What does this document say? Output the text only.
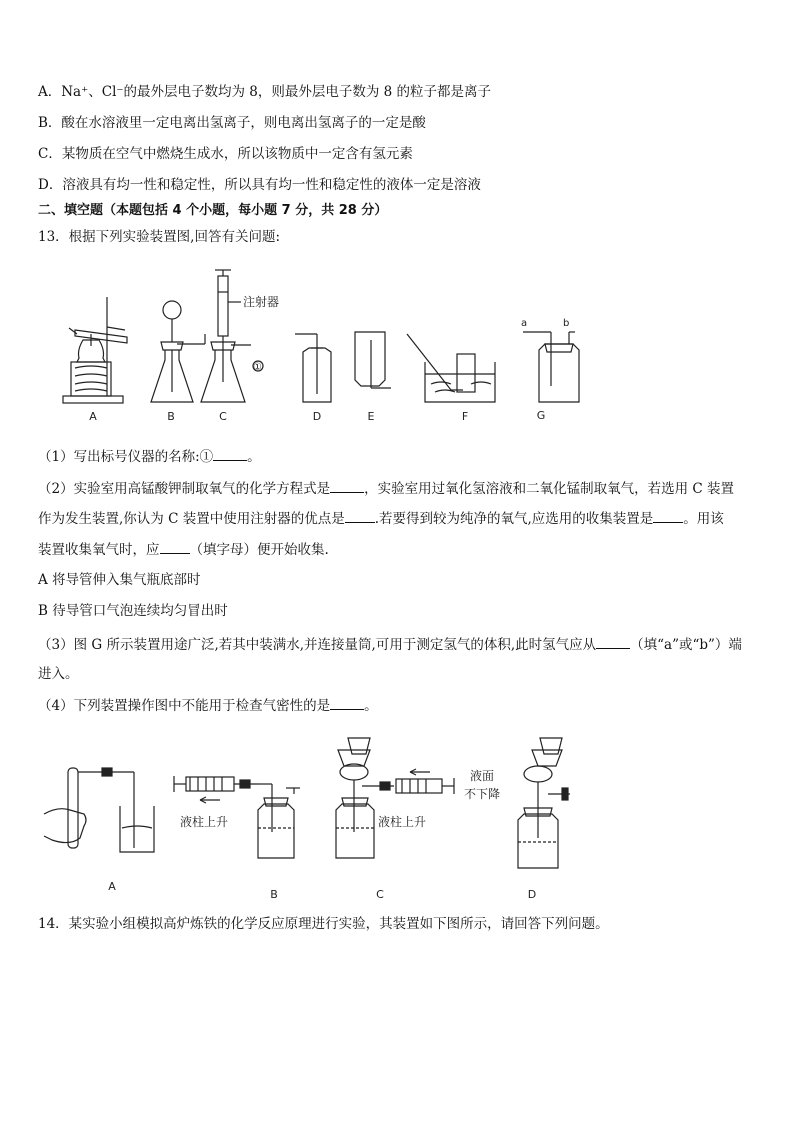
A．Na⁺、Cl⁻的最外层电子数均为 8，则最外层电子数为 8 的粒子都是离子
B．酸在水溶液里一定电离出氢离子，则电离出氢离子的一定是酸
C．某物质在空气中燃烧生成水，所以该物质中一定含有氢元素
D．溶液具有均一性和稳定性，所以具有均一性和稳定性的液体一定是溶液
二、填空题（本题包括 4 个小题，每小题 7 分，共 28 分）
13．根据下列实验装置图,回答有关问题:
注射器
①
a	b
A	B	C	D	E	F	G
（1）写出标号仪器的名称:①	。
（2）实验室用高锰酸钾制取氧气的化学方程式是	，实验室用过氧化氢溶液和二氧化锰制取氧气，若选用 C 装置
作为发生装置,你认为 C 装置中使用注射器的优点是 .若要得到较为纯净的氧气,应选用的收集装置是 。用该
装置收集氧气时，应 （填字母）便开始收集.
A 将导管伸入集气瓶底部时
B 待导管口气泡连续均匀冒出时
（3）图 G 所示装置用途广泛,若其中装满水,并连接量筒,可用于测定氢气的体积,此时氢气应从	（填“a”或“b”）端
进入。
（4）下列装置操作图中不能用于检查气密性的是	。
液柱上升	液柱上升
液面
不下降
A
B	C	D
14．某实验小组模拟高炉炼铁的化学反应原理进行实验，其装置如下图所示，请回答下列问题。
